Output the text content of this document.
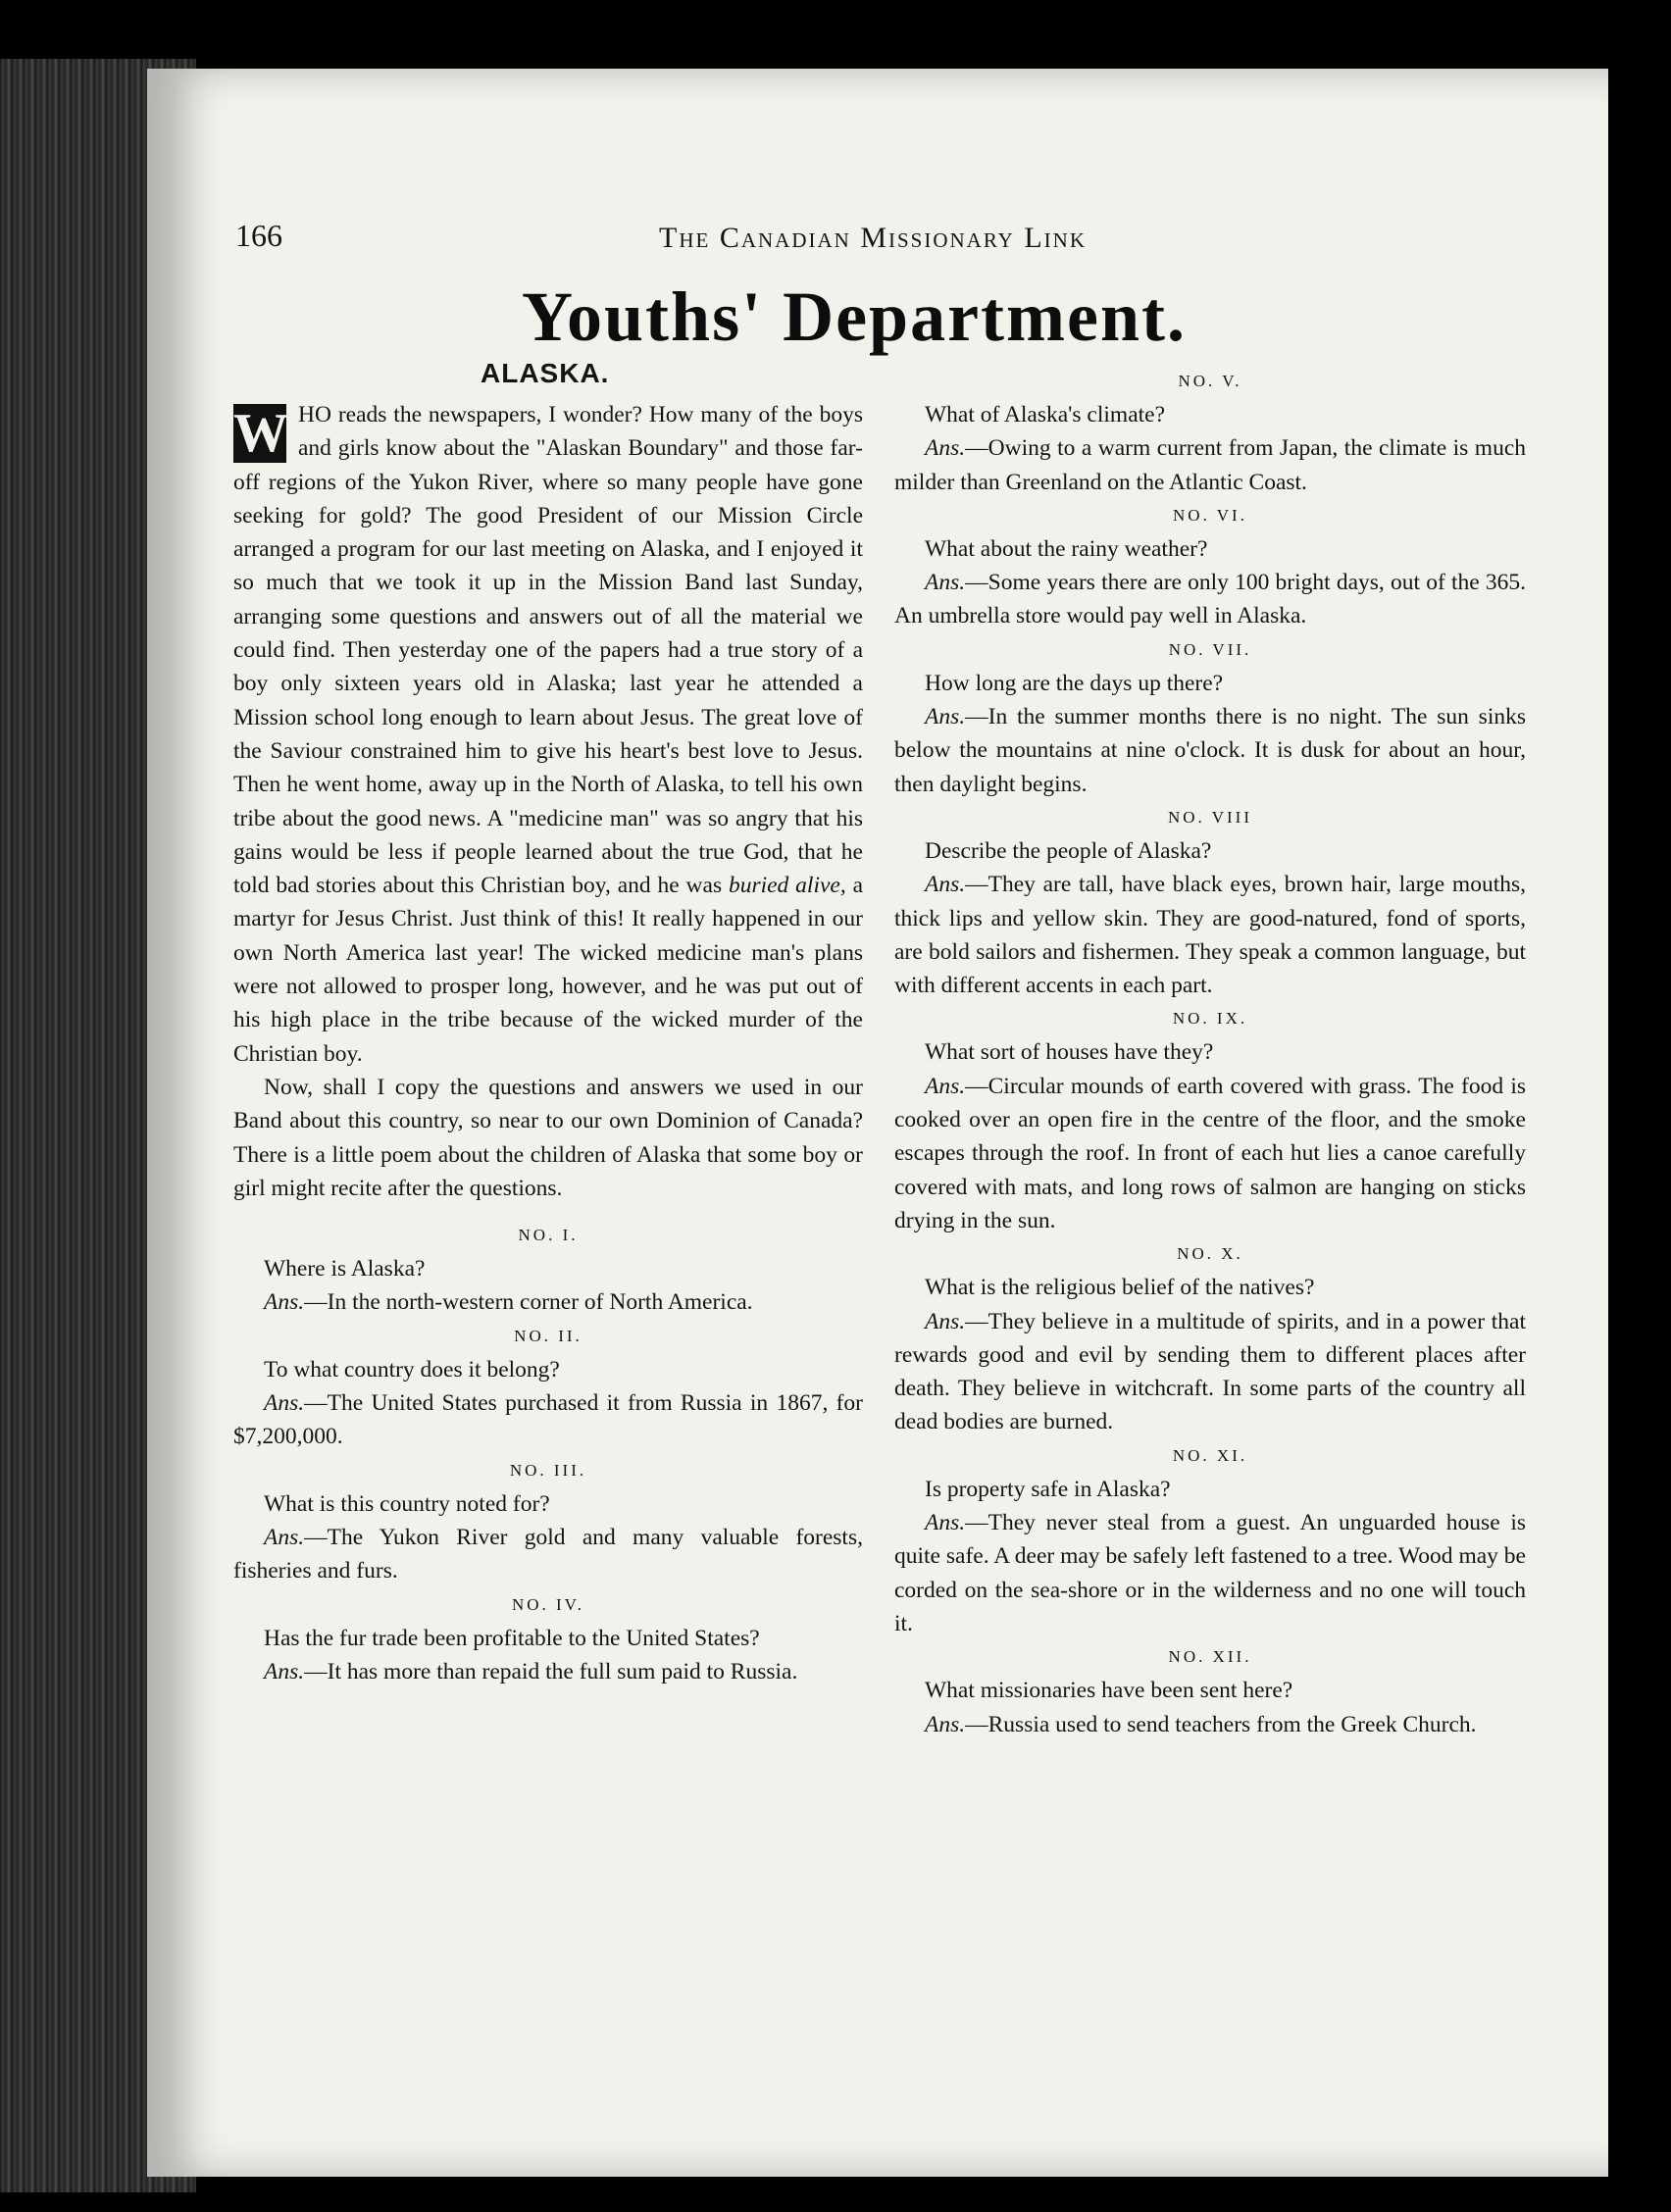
166	The Canadian Missionary Link
Youths' Department.
ALASKA.

W HO reads the newspapers, I wonder? How many of the boys and girls know about the "Alaskan Boundary" and those far-off regions of the Yukon River, where so many people have gone seeking for gold? The good President of our Mission Circle arranged a program for our last meeting on Alaska, and I enjoyed it so much that we took it up in the Mission Band last Sunday, arranging some questions and answers out of all the material we could find. Then yesterday one of the papers had a true story of a boy only sixteen years old in Alaska; last year he attended a Mission school long enough to learn about Jesus. The great love of the Saviour constrained him to give his heart's best love to Jesus. Then he went home, away up in the North of Alaska, to tell his own tribe about the good news. A "medicine man" was so angry that his gains would be less if people learned about the true God, that he told bad stories about this Christian boy, and he was buried alive, a martyr for Jesus Christ. Just think of this! It really happened in our own North America last year! The wicked medicine man's plans were not allowed to prosper long, however, and he was put out of his high place in the tribe because of the wicked murder of the Christian boy.

Now, shall I copy the questions and answers we used in our Band about this country, so near to our own Dominion of Canada? There is a little poem about the children of Alaska that some boy or girl might recite after the questions.

NO. I.

Where is Alaska?

Ans.—In the north-western corner of North America.

NO. II.

To what country does it belong?

Ans.—The United States purchased it from Russia in 1867, for $7,200,000.

NO. III.

What is this country noted for?

Ans.—The Yukon River gold and many valuable forests, fisheries and furs.

NO. IV.

Has the fur trade been profitable to the United States?

Ans.—It has more than repaid the full sum paid to Russia.

NO. V.

What of Alaska's climate?

Ans.—Owing to a warm current from Japan, the climate is much milder than Greenland on the Atlantic Coast.

NO. VI.

What about the rainy weather?

Ans.—Some years there are only 100 bright days, out of the 365. An umbrella store would pay well in Alaska.

NO. VII.

How long are the days up there?

Ans.—In the summer months there is no night. The sun sinks below the mountains at nine o'clock. It is dusk for about an hour, then daylight begins.

NO. VIII

Describe the people of Alaska?

Ans.—They are tall, have black eyes, brown hair, large mouths, thick lips and yellow skin. They are good-natured, fond of sports, are bold sailors and fishermen. They speak a common language, but with different accents in each part.

NO. IX.

What sort of houses have they?

Ans.—Circular mounds of earth covered with grass. The food is cooked over an open fire in the centre of the floor, and the smoke escapes through the roof. In front of each hut lies a canoe carefully covered with mats, and long rows of salmon are hanging on sticks drying in the sun.

NO. X.

What is the religious belief of the natives?

Ans.—They believe in a multitude of spirits, and in a power that rewards good and evil by sending them to different places after death. They believe in witchcraft. In some parts of the country all dead bodies are burned.

NO. XI.

Is property safe in Alaska?

Ans.—They never steal from a guest. An unguarded house is quite safe. A deer may be safely left fastened to a tree. Wood may be corded on the sea-shore or in the wilderness and no one will touch it.

NO. XII.

What missionaries have been sent here?

Ans.—Russia used to send teachers from the Greek Church.
